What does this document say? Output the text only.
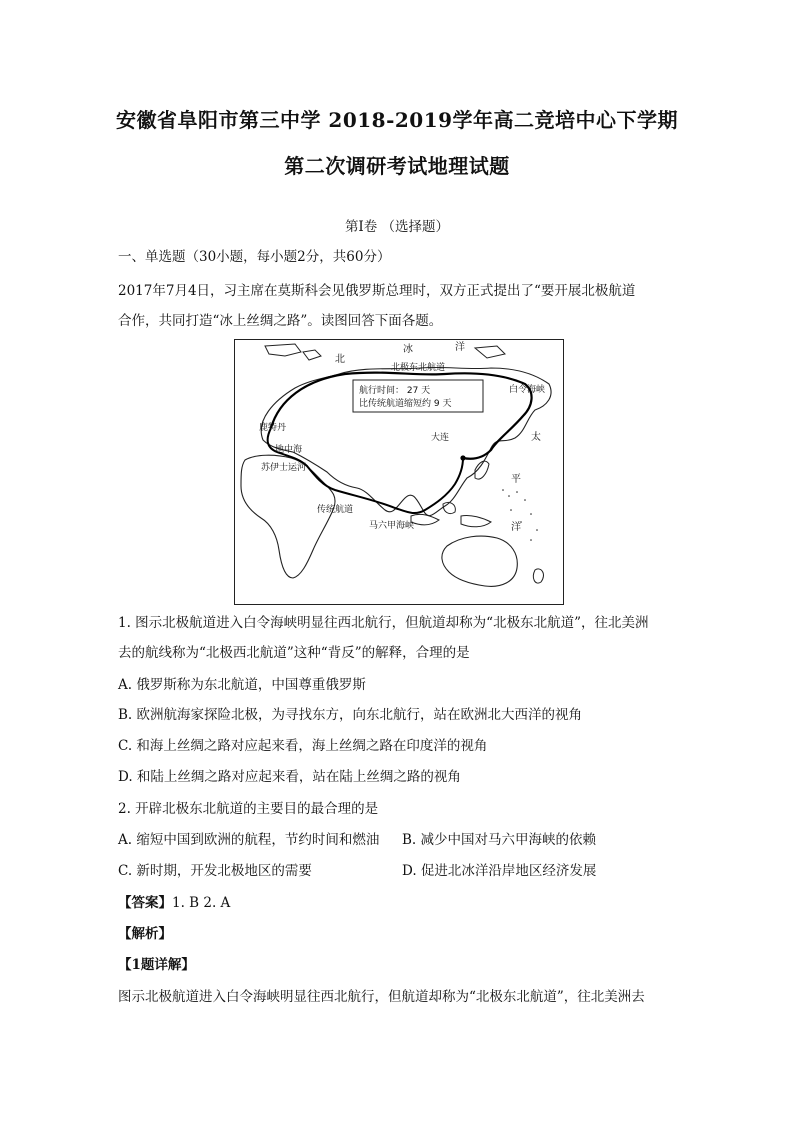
安徽省阜阳市第三中学 2018-2019学年高二竞培中心下学期
第二次调研考试地理试题
第Ⅰ卷 （选择题）
一、单选题（30小题，每小题2分，共60分）
2017年7月4日，习主席在莫斯科会见俄罗斯总理时，双方正式提出了“要开展北极航道
合作，共同打造“冰上丝绸之路”。读图回答下面各题。
北
冰	洋
北极东北航道
航行时间： 27 天
比传统航道缩短约 9 天
白令海峡
鹿特丹
地中海
苏伊士运河
大连	太
平
洋
传统航道
马六甲海峡
1. 图示北极航道进入白令海峡明显往西北航行，但航道却称为“北极东北航道”，往北美洲
去的航线称为“北极西北航道”这种“背反”的解释，合理的是
A. 俄罗斯称为东北航道，中国尊重俄罗斯
B. 欧洲航海家探险北极，为寻找东方，向东北航行，站在欧洲北大西洋的视角
C. 和海上丝绸之路对应起来看，海上丝绸之路在印度洋的视角
D. 和陆上丝绸之路对应起来看，站在陆上丝绸之路的视角
2. 开辟北极东北航道的主要目的最合理的是
A. 缩短中国到欧洲的航程，节约时间和燃油 B. 减少中国对马六甲海峡的依赖
C. 新时期，开发北极地区的需要	D. 促进北冰洋沿岸地区经济发展
【答案】1. B 2. A
【解析】
【1题详解】
图示北极航道进入白令海峡明显往西北航行，但航道却称为“北极东北航道”，往北美洲去
